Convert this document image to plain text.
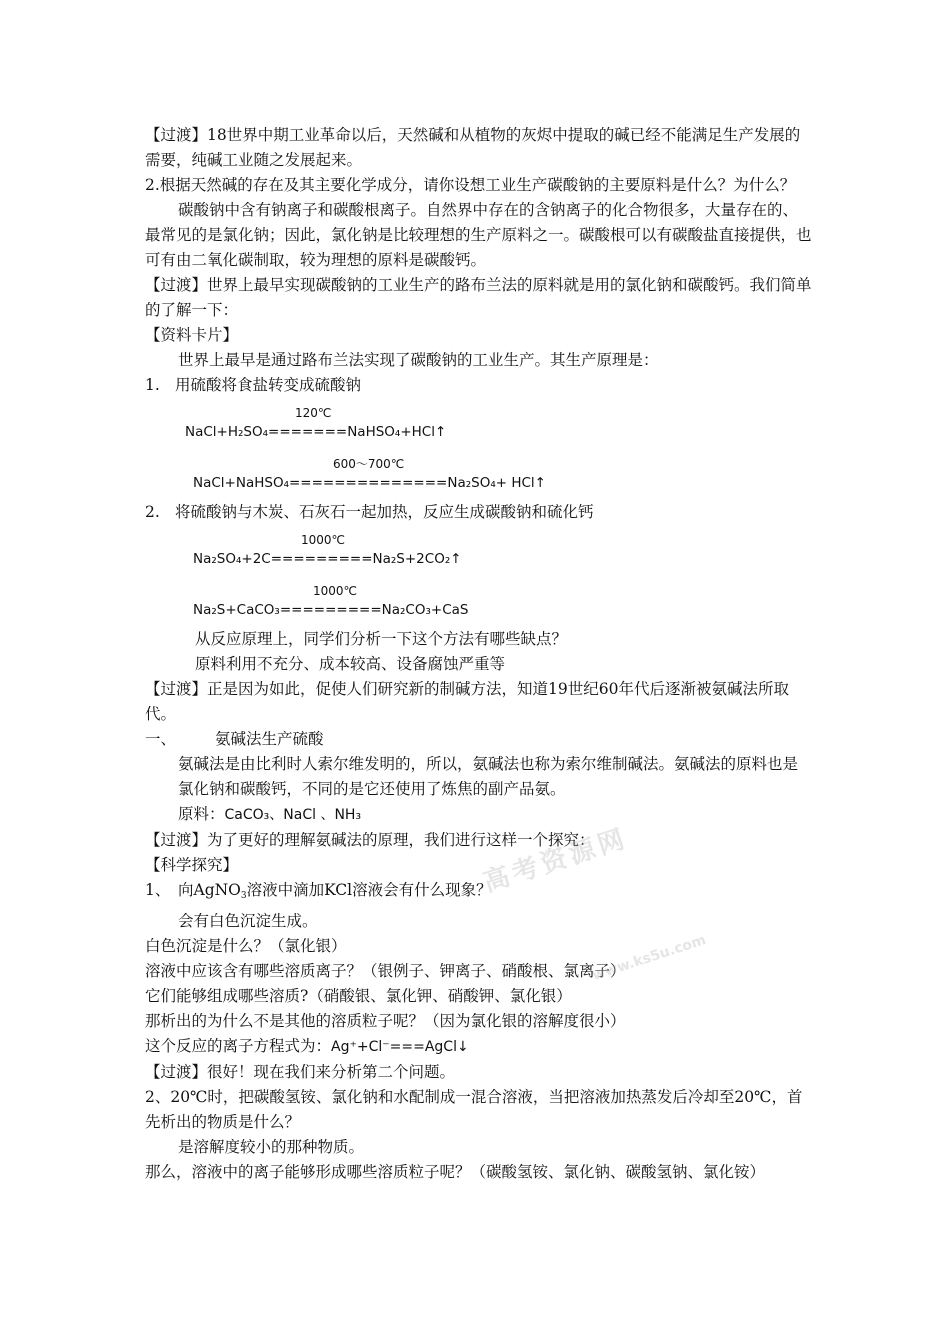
【过渡】18世界中期工业革命以后，天然碱和从植物的灰烬中提取的碱已经不能满足生产发展的需要，纯碱工业随之发展起来。

2.根据天然碱的存在及其主要化学成分，请你设想工业生产碳酸钠的主要原料是什么？为什么？

碳酸钠中含有钠离子和碳酸根离子。自然界中存在的含钠离子的化合物很多，大量存在的、最常见的是氯化钠；因此，氯化钠是比较理想的生产原料之一。碳酸根可以有碳酸盐直接提供，也可有由二氧化碳制取，较为理想的原料是碳酸钙。

【过渡】世界上最早实现碳酸钠的工业生产的路布兰法的原料就是用的氯化钠和碳酸钙。我们简单的了解一下：

【资料卡片】

世界上最早是通过路布兰法实现了碳酸钠的工业生产。其生产原理是：

1. 用硫酸将食盐转变成硫酸钠

120℃
NaCl+H₂SO₄=======NaHSO₄+HCl↑
600～700℃
NaCl+NaHSO₄==============Na₂SO₄+ HCl↑

2. 将硫酸钠与木炭、石灰石一起加热，反应生成碳酸钠和硫化钙

1000℃
Na₂SO₄+2C=========Na₂S+2CO₂↑
1000℃
Na₂S+CaCO₃=========Na₂CO₃+CaS

从反应原理上，同学们分析一下这个方法有哪些缺点？

原料利用不充分、成本较高、设备腐蚀严重等

【过渡】正是因为如此，促使人们研究新的制碱方法，知道19世纪60年代后逐渐被氨碱法所取代。

一、	氨碱法生产硫酸

氨碱法是由比利时人索尔维发明的，所以，氨碱法也称为索尔维制碱法。氨碱法的原料也是氯化钠和碳酸钙，不同的是它还使用了炼焦的副产品氨。

原料：CaCO₃、NaCl 、NH₃

【过渡】为了更好的理解氨碱法的原理，我们进行这样一个探究：

【科学探究】

1、 向AgNO$_3$溶液中滴加KCl溶液会有什么现象？

会有白色沉淀生成。

白色沉淀是什么？（氯化银）

溶液中应该含有哪些溶质离子？（银例子、钾离子、硝酸根、氯离子）

它们能够组成哪些溶质?（硝酸银、氯化钾、硝酸钾、氯化银）

那析出的为什么不是其他的溶质粒子呢？（因为氯化银的溶解度很小）

这个反应的离子方程式为：Ag⁺+Cl⁻===AgCl↓

【过渡】很好！现在我们来分析第二个问题。

2、20℃时，把碳酸氢铵、氯化钠和水配制成一混合溶液，当把溶液加热蒸发后冷却至20℃，首先析出的物质是什么？

是溶解度较小的那种物质。

那么，溶液中的离子能够形成哪些溶质粒子呢？（碳酸氢铵、氯化钠、碳酸氢钠、氯化铵）

高考资源网
www.ks5u.com
